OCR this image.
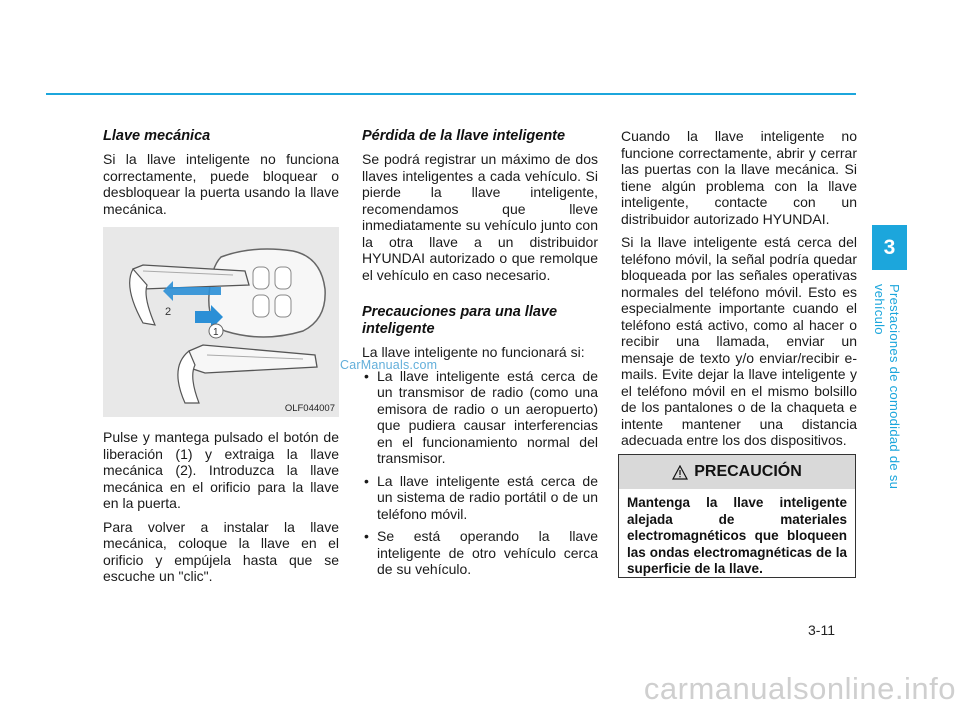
Llave mecánica

Si la llave inteligente no funciona correctamente, puede bloquear o desbloquear la puerta usando la llave mecánica.

2
1
OLF044007

Pulse y mantega pulsado el botón de liberación (1) y extraiga la llave mecánica (2). Introduzca la llave mecánica en el orificio para la llave en la puerta.

Para volver a instalar la llave mecánica, coloque la llave en el orificio y empújela hasta que se escuche un "clic".

Pérdida de la llave inteligente

Se podrá registrar un máximo de dos llaves inteligentes a cada vehículo. Si pierde la llave inteligente, recomendamos que lleve inmediatamente su vehículo junto con la otra llave a un distribuidor HYUNDAI autorizado o que remolque el vehículo en caso necesario.

Precauciones para una llave inteligente

La llave inteligente no funcionará si:

• La llave inteligente está cerca de un transmisor de radio (como una emisora de radio o un aeropuerto) que pudiera causar interferencias en el funcionamiento normal del transmisor.
• La llave inteligente está cerca de un sistema de radio portátil o de un teléfono móvil.
• Se está operando la llave inteligente de otro vehículo cerca de su vehículo.

Cuando la llave inteligente no funcione correctamente, abrir y cerrar las puertas con la llave mecánica. Si tiene algún problema con la llave inteligente, contacte con un distribuidor autorizado HYUNDAI.

Si la llave inteligente está cerca del teléfono móvil, la señal podría quedar bloqueada por las señales operativas normales del teléfono móvil. Esto es especialmente importante cuando el teléfono está activo, como al hacer o recibir una llamada, enviar un mensaje de texto y/o enviar/recibir e-mails. Evite dejar la llave inteligente y el teléfono móvil en el mismo bolsillo de los pantalones o de la chaqueta e intente mantener una distancia adecuada entre los dos dispositivos.

PRECAUCIÓN
Mantenga la llave inteligente alejada de materiales electromagnéticos que bloqueen las ondas electromagnéticas de la superficie de la llave.
CarManuals.com
3
Prestaciones de comodidad de su vehículo
3-11
carmanualsonline.info
